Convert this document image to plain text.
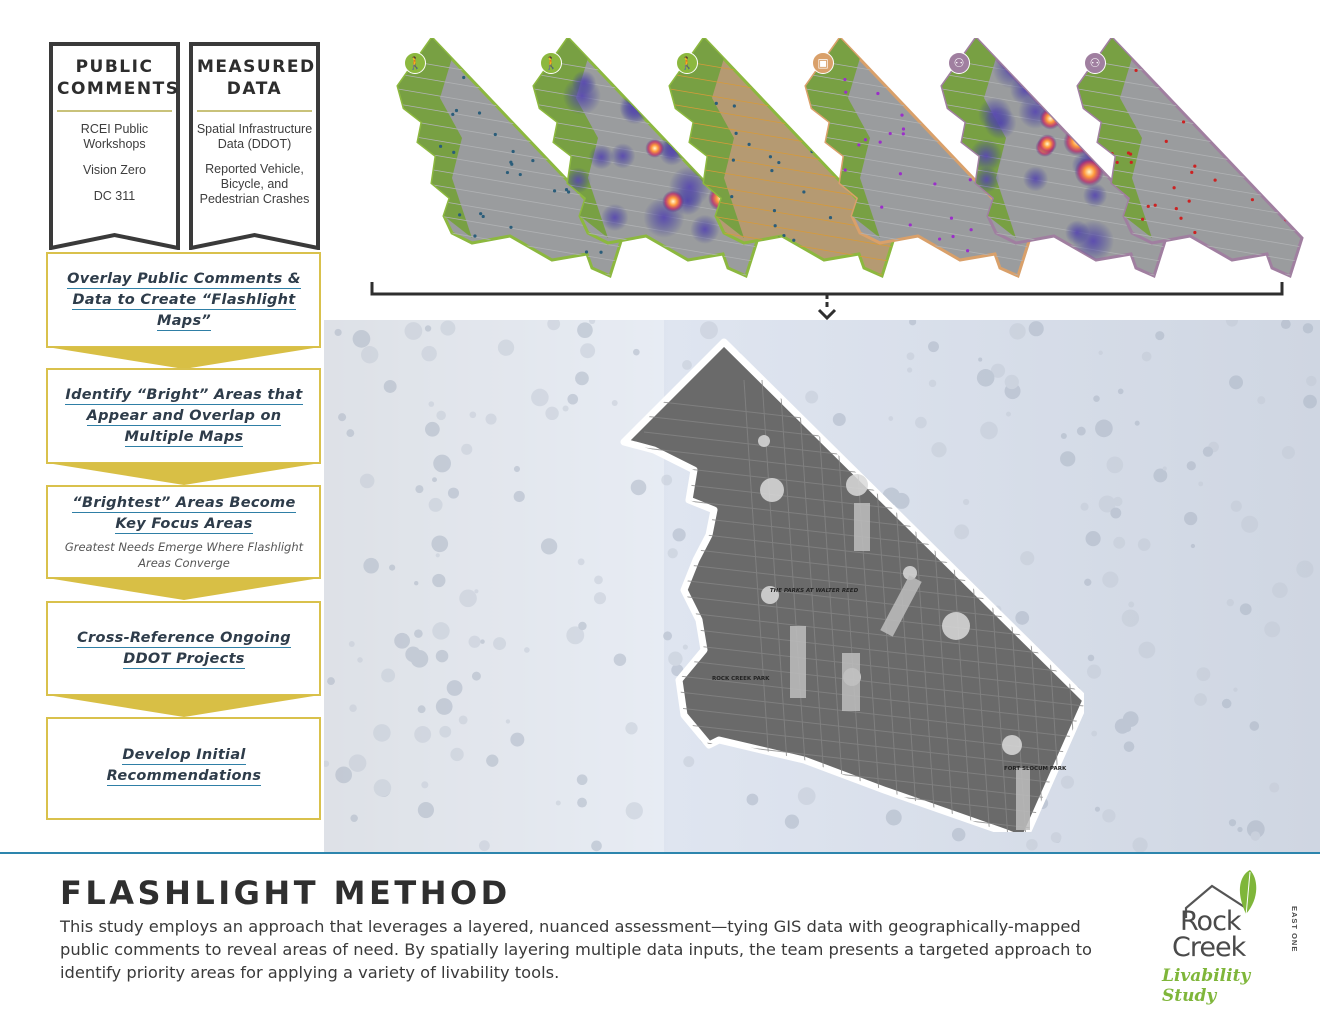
PUBLIC COMMENTS
RCEI Public Workshops
Vision Zero
DC 311
MEASURED DATA
Spatial Infrastructure Data (DDOT)
Reported Vehicle, Bicycle, and Pedestrian Crashes
Overlay Public Comments & Data to Create “Flashlight Maps”
Identify “Bright” Areas that Appear and Overlap on Multiple Maps
“Brightest” Areas Become Key Focus Areas
Greatest Needs Emerge Where Flashlight Areas Converge
Cross-Reference Ongoing DDOT Projects
Develop Initial Recommendations
🚶	🚶	🚶	▣	⚇	⚇
THE PARKS AT WALTER REED
ROCK CREEK PARK
FORT SLOCUM PARK
FLASHLIGHT METHOD
This study employs an approach that leverages a layered, nuanced assessment—tying GIS data with geographically-mapped public comments to reveal areas of need. By spatially layering multiple data inputs, the team presents a targeted approach to identify priority areas for applying a variety of livability tools.
Rock
Creek	EAST ONE
Livability Study
